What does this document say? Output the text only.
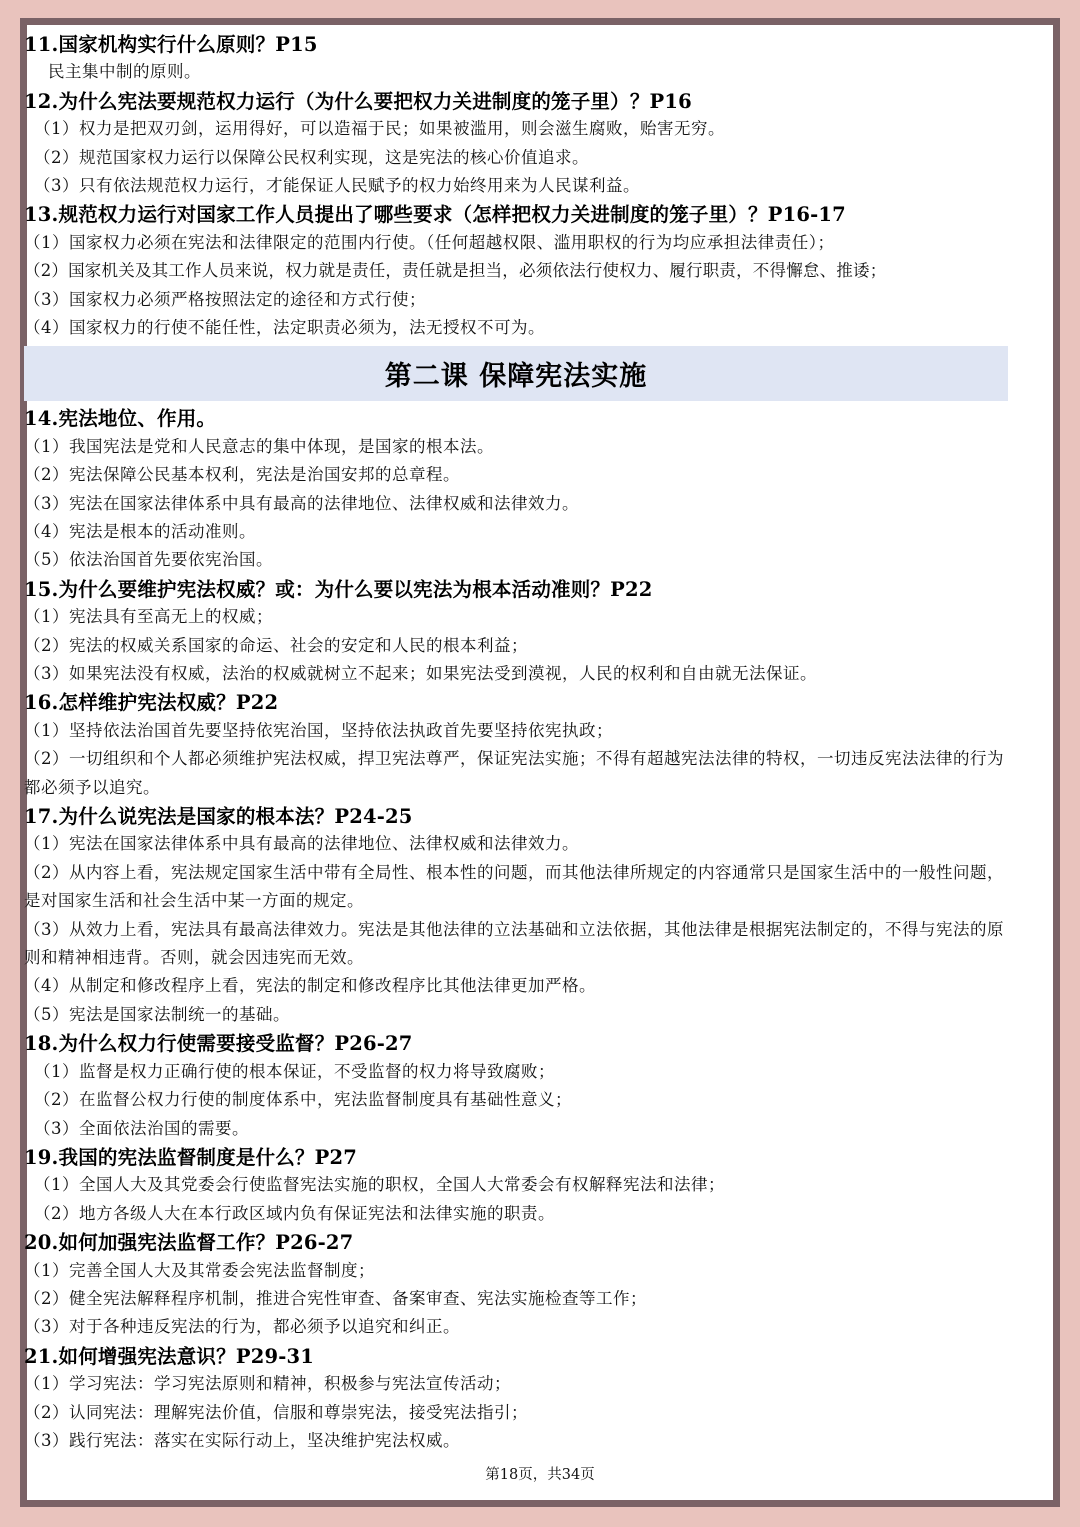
11.国家机构实行什么原则？P15
民主集中制的原则。
12.为什么宪法要规范权力运行（为什么要把权力关进制度的笼子里）？P16
（1）权力是把双刃剑，运用得好，可以造福于民；如果被滥用，则会滋生腐败，贻害无穷。
（2）规范国家权力运行以保障公民权利实现，这是宪法的核心价值追求。
（3）只有依法规范权力运行，才能保证人民赋予的权力始终用来为人民谋利益。
13.规范权力运行对国家工作人员提出了哪些要求（怎样把权力关进制度的笼子里）？P16-17
（1）国家权力必须在宪法和法律限定的范围内行使。（任何超越权限、滥用职权的行为均应承担法律责任）；
（2）国家机关及其工作人员来说，权力就是责任，责任就是担当，必须依法行使权力、履行职责，不得懈怠、推诿；
（3）国家权力必须严格按照法定的途径和方式行使；
（4）国家权力的行使不能任性，法定职责必须为，法无授权不可为。
第二课 保障宪法实施
14.宪法地位、作用。
（1）我国宪法是党和人民意志的集中体现，是国家的根本法。
（2）宪法保障公民基本权利，宪法是治国安邦的总章程。
（3）宪法在国家法律体系中具有最高的法律地位、法律权威和法律效力。
（4）宪法是根本的活动准则。
（5）依法治国首先要依宪治国。
15.为什么要维护宪法权威？或：为什么要以宪法为根本活动准则？P22
（1）宪法具有至高无上的权威；
（2）宪法的权威关系国家的命运、社会的安定和人民的根本利益；
（3）如果宪法没有权威，法治的权威就树立不起来；如果宪法受到漠视，人民的权利和自由就无法保证。
16.怎样维护宪法权威？P22
（1）坚持依法治国首先要坚持依宪治国，坚持依法执政首先要坚持依宪执政；
（2）一切组织和个人都必须维护宪法权威，捍卫宪法尊严，保证宪法实施；不得有超越宪法法律的特权，一切违反宪法法律的行为都必须予以追究。
17.为什么说宪法是国家的根本法？P24-25
（1）宪法在国家法律体系中具有最高的法律地位、法律权威和法律效力。
（2）从内容上看，宪法规定国家生活中带有全局性、根本性的问题，而其他法律所规定的内容通常只是国家生活中的一般性问题，是对国家生活和社会生活中某一方面的规定。
（3）从效力上看，宪法具有最高法律效力。宪法是其他法律的立法基础和立法依据，其他法律是根据宪法制定的，不得与宪法的原则和精神相违背。否则，就会因违宪而无效。
（4）从制定和修改程序上看，宪法的制定和修改程序比其他法律更加严格。
（5）宪法是国家法制统一的基础。
18.为什么权力行使需要接受监督？P26-27
（1）监督是权力正确行使的根本保证，不受监督的权力将导致腐败；
（2）在监督公权力行使的制度体系中，宪法监督制度具有基础性意义；
（3）全面依法治国的需要。
19.我国的宪法监督制度是什么？P27
（1）全国人大及其党委会行使监督宪法实施的职权，全国人大常委会有权解释宪法和法律；
（2）地方各级人大在本行政区域内负有保证宪法和法律实施的职责。
20.如何加强宪法监督工作？P26-27
（1）完善全国人大及其常委会宪法监督制度；
（2）健全宪法解释程序机制，推进合宪性审查、备案审查、宪法实施检查等工作；
（3）对于各种违反宪法的行为，都必须予以追究和纠正。
21.如何增强宪法意识？P29-31
（1）学习宪法：学习宪法原则和精神，积极参与宪法宣传活动；
（2）认同宪法：理解宪法价值，信服和尊崇宪法，接受宪法指引；
（3）践行宪法：落实在实际行动上，坚决维护宪法权威。
第18页，共34页
